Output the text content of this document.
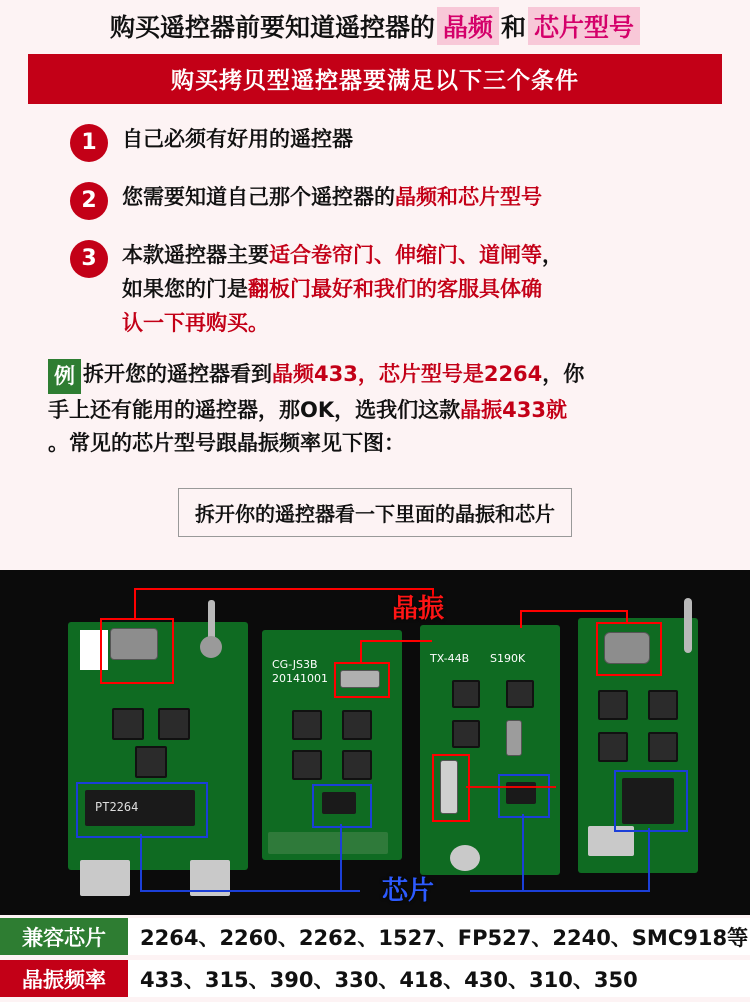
购买遥控器前要知道遥控器的 晶频 和 芯片型号
购买拷贝型遥控器要满足以下三个条件
1	自己必须有好用的遥控器
2	您需要知道自己那个遥控器的晶频和芯片型号
3	本款遥控器主要适合卷帘门、伸缩门、道闸等，
如果您的门是翻板门最好和我们的客服具体确
认一下再购买。
例 拆开您的遥控器看到晶频433，芯片型号是2264，你
手上还有能用的遥控器，那OK，选我们这款晶振433就
。常见的芯片型号跟晶振频率见下图：
拆开你的遥控器看一下里面的晶振和芯片
PT2264
CG-JS3B
20141001
TX-44B S190K
晶振
芯片
兼容芯片	2264、2260、2262、1527、FP527、2240、SMC918等
晶振频率	433、315、390、330、418、430、310、350
